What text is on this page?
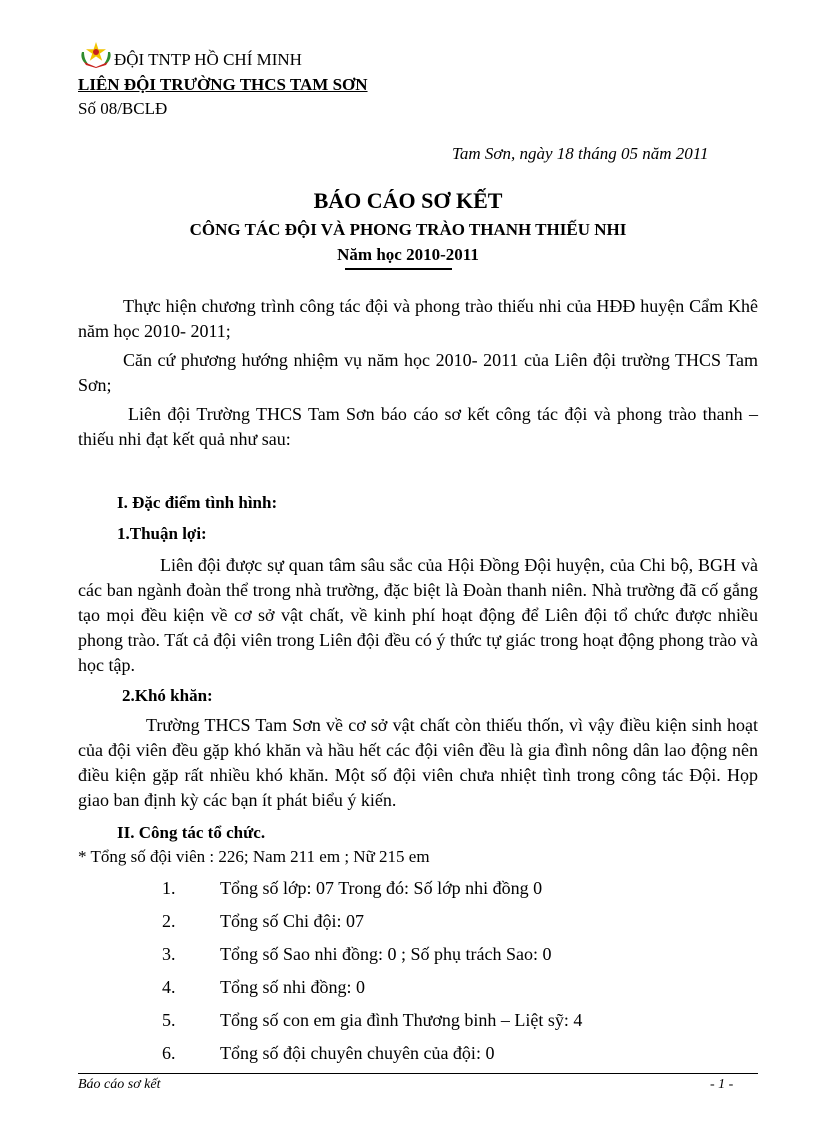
ĐỘI TNTP HỒ CHÍ MINH
LIÊN ĐỘI TRƯỜNG THCS TAM SƠN
Số 08/BCLĐ
Tam Sơn, ngày 18 tháng 05 năm 2011
BÁO CÁO SƠ KẾT
CÔNG TÁC ĐỘI VÀ PHONG TRÀO THANH THIẾU NHI
Năm học 2010-2011
Thực hiện chương trình công tác đội và phong trào thiếu nhi của HĐĐ huyện Cẩm Khê năm học 2010- 2011;
Căn cứ phương hướng nhiệm vụ năm học 2010- 2011 của Liên đội trường THCS Tam Sơn;
Liên đội Trường THCS Tam Sơn báo cáo sơ kết công tác đội và phong trào thanh – thiếu nhi đạt kết quả như sau:
I. Đặc điểm tình hình:
1.Thuận lợi:
Liên đội được sự quan tâm sâu sắc của Hội Đồng Đội huyện, của Chi bộ, BGH và các ban ngành đoàn thể trong nhà trường, đặc biệt là Đoàn thanh niên. Nhà trường đã cố gắng tạo mọi đều kiện về cơ sở vật chất, về kinh phí hoạt động để Liên đội tổ chức được nhiều phong trào. Tất cả đội viên trong Liên đội đều có ý thức tự giác trong hoạt động phong trào và học tập.
2.Khó khăn:
Trường THCS Tam Sơn về cơ sở vật chất còn thiếu thốn, vì vậy điều kiện sinh hoạt của đội viên đều gặp khó khăn và hầu hết các đội viên đều là gia đình nông dân lao động nên điều kiện gặp rất nhiều khó khăn. Một số đội viên chưa nhiệt tình trong công tác Đội. Họp giao ban định kỳ các bạn ít phát biểu ý kiến.
II. Công tác tổ chức.
* Tổng số đội viên : 226; Nam 211 em ; Nữ 215 em
1. Tổng số lớp: 07 Trong đó: Số lớp nhi đồng 0
2. Tổng số Chi đội: 07
3. Tổng số Sao nhi đồng: 0 ; Số phụ trách Sao: 0
4. Tổng số nhi đồng: 0
5. Tổng số con em gia đình Thương binh – Liệt sỹ: 4
6. Tổng số đội chuyên chuyên của đội: 0
Báo cáo sơ kết	- 1 -
